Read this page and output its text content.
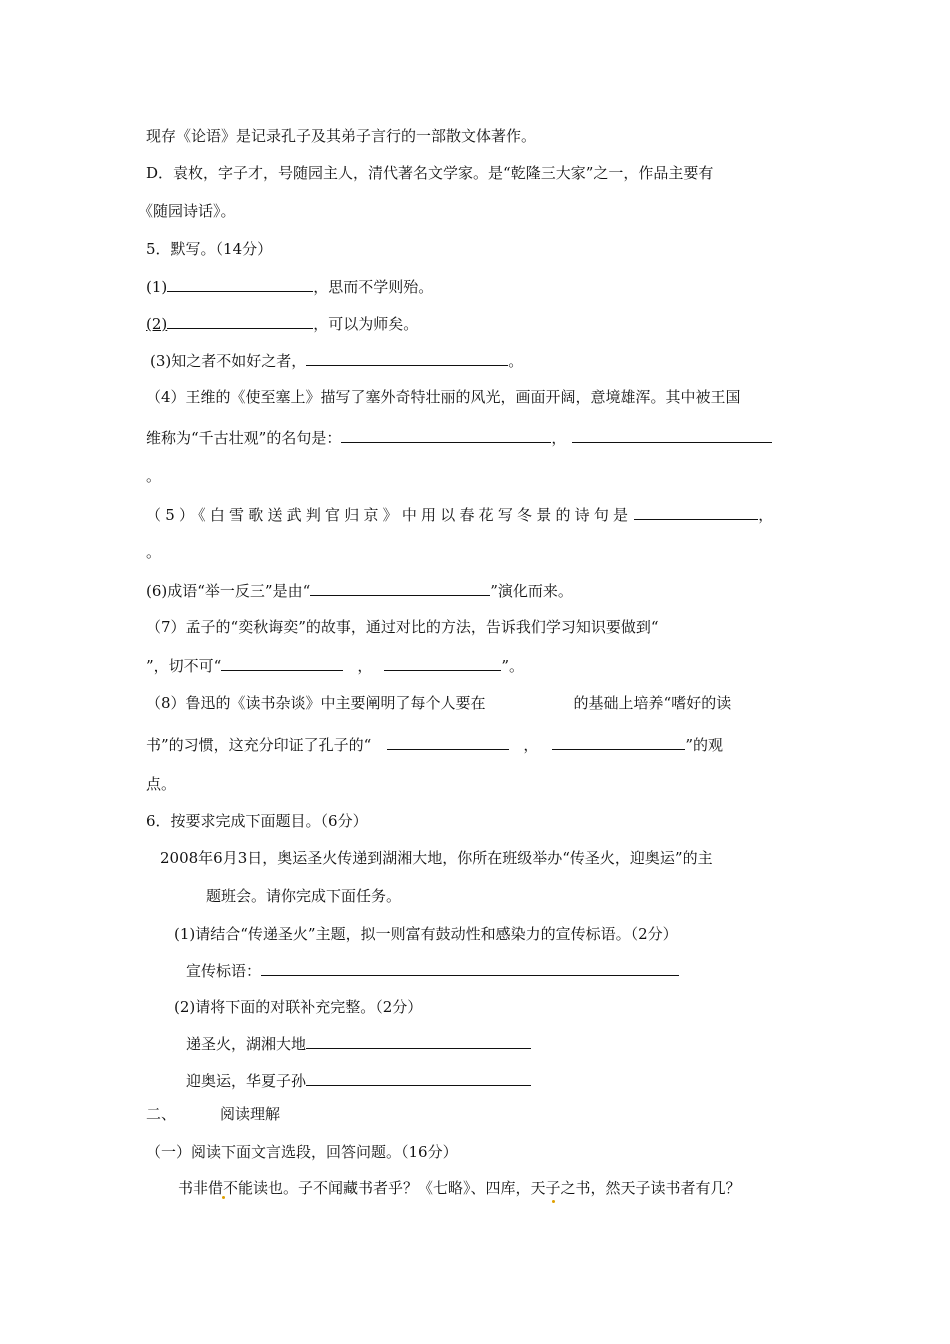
现存《论语》是记录孔子及其弟子言行的一部散文体著作。
D．袁枚，字子才，号随园主人，清代著名文学家。是“乾隆三大家”之一，作品主要有
《随园诗话》。
5．默写。（14分）
(1)	，思而不学则殆。
(2)	，可以为师矣。
(3)知之者不如好之者，	。
（4）王维的《使至塞上》描写了塞外奇特壮丽的风光，画面开阔，意境雄浑。其中被王国
维称为“千古壮观”的名句是：	，
。
（5）《白雪歌送武判官归京》中用以春花写冬景的诗句是	，
。
(6)成语“举一反三”是由“	”演化而来。
（7）孟子的“奕秋诲奕”的故事，通过对比的方法，告诉我们学习知识要做到“
”，切不可“	，	”。
（8）鲁迅的《读书杂谈》中主要阐明了每个人要在	的基础上培养“嗜好的读
书”的习惯，这充分印证了孔子的“	，	”的观
点。
6．按要求完成下面题目。（6分）
2008年6月3日，奥运圣火传递到湖湘大地，你所在班级举办“传圣火，迎奥运”的主
题班会。请你完成下面任务。
(1)请结合“传递圣火”主题，拟一则富有鼓动性和感染力的宣传标语。（2分）
宣传标语：
(2)请将下面的对联补充完整。（2分）
递圣火，湖湘大地
迎奥运，华夏子孙
二、	阅读理解
（一）阅读下面文言选段，回答问题。（16分）
书非借不能读也。子不闻藏书者乎？《七略》、四库，天子之书，然天子读书者有几？
